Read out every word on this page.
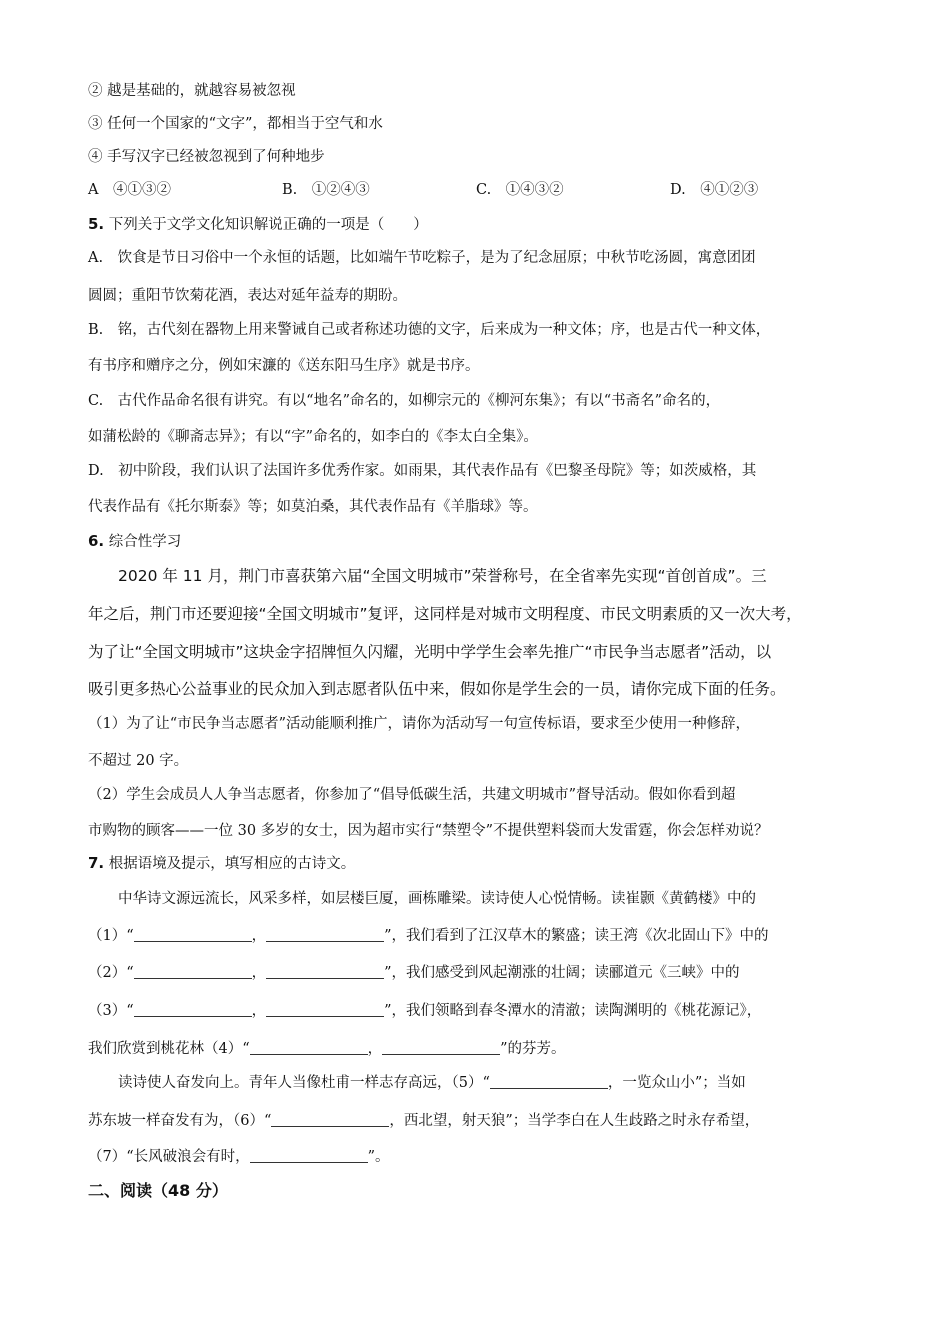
② 越是基础的，就越容易被忽视
③ 任何一个国家的“文字”，都相当于空气和水
④ 手写汉字已经被忽视到了何种地步
A　④①③②	B.　①②④③	C.　①④③②	D.　④①②③
5. 下列关于文学文化知识解说正确的一项是（　　）
A.　饮食是节日习俗中一个永恒的话题，比如端午节吃粽子，是为了纪念屈原；中秋节吃汤圆，寓意团团
圆圆；重阳节饮菊花酒，表达对延年益寿的期盼。
B.　铭，古代刻在器物上用来警诫自己或者称述功德的文字，后来成为一种文体；序，也是古代一种文体，
有书序和赠序之分，例如宋濂的《送东阳马生序》就是书序。
C.　古代作品命名很有讲究。有以“地名”命名的，如柳宗元的《柳河东集》；有以“书斋名”命名的，
如蒲松龄的《聊斋志异》；有以“字”命名的，如李白的《李太白全集》。
D.　初中阶段，我们认识了法国许多优秀作家。如雨果，其代表作品有《巴黎圣母院》等；如茨威格，其
代表作品有《托尔斯泰》等；如莫泊桑，其代表作品有《羊脂球》等。
6. 综合性学习
2020 年 11 月，荆门市喜获第六届“全国文明城市”荣誉称号，在全省率先实现“首创首成”。三
年之后，荆门市还要迎接“全国文明城市”复评，这同样是对城市文明程度、市民文明素质的又一次大考，
为了让“全国文明城市”这块金字招牌恒久闪耀，光明中学学生会率先推广“市民争当志愿者”活动，以
吸引更多热心公益事业的民众加入到志愿者队伍中来，假如你是学生会的一员，请你完成下面的任务。
（1）为了让“市民争当志愿者”活动能顺利推广，请你为活动写一句宣传标语，要求至少使用一种修辞，
不超过 20 字。
（2）学生会成员人人争当志愿者，你参加了“倡导低碳生活，共建文明城市”督导活动。假如你看到超
市购物的顾客——一位 30 多岁的女士，因为超市实行“禁塑令”不提供塑料袋而大发雷霆，你会怎样劝说？
7. 根据语境及提示，填写相应的古诗文。
中华诗文源远流长，风采多样，如层楼巨厦，画栋雕梁。读诗使人心悦情畅。读崔颢《黄鹤楼》中的
（1）“	，	”，我们看到了江汉草木的繁盛；读王湾《次北固山下》中的
（2）“	，	”，我们感受到风起潮涨的壮阔；读郦道元《三峡》中的
（3）“	，	”，我们领略到春冬潭水的清澈；读陶渊明的《桃花源记》，
我们欣赏到桃花林（4）“	，	”的芬芳。
读诗使人奋发向上。青年人当像杜甫一样志存高远，（5）“	，一览众山小”；当如
苏东坡一样奋发有为，（6）“	，西北望，射天狼”；当学李白在人生歧路之时永存希望，
（7）“长风破浪会有时，	”。
二、阅读（48 分）
